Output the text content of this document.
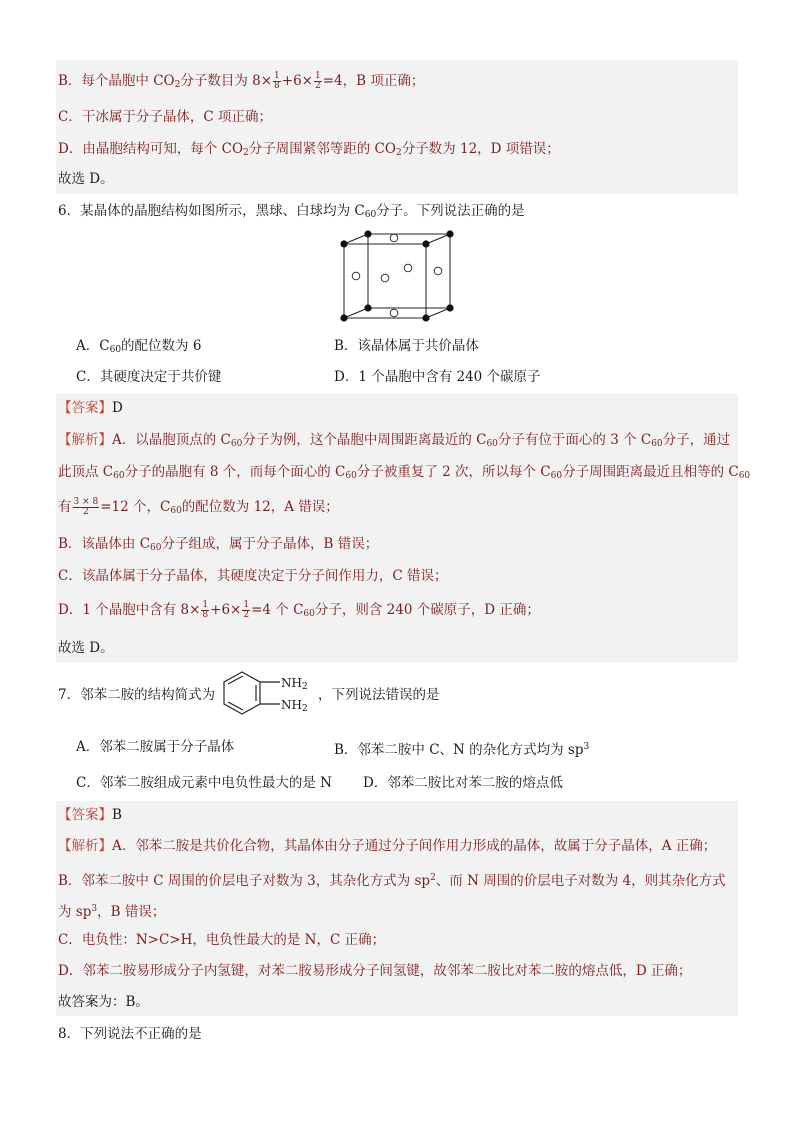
B．每个晶胞中 $CO_2$分子数目为 $8\times \frac{1}{8} +6\times \frac{1}{2} =4$，B 项正确；
C．干冰属于分子晶体，C 项正确；
D．由晶胞结构可知，每个 $CO_2$分子周围紧邻等距的 $CO_2$分子数为 12，D 项错误；
故选 D。
6．某晶体的晶胞结构如图所示，黑球、白球均为 $C_{60}$分子。下列说法正确的是
A．$C_{60}$的配位数为 6	B．该晶体属于共价晶体
C．其硬度决定于共价键	D．1 个晶胞中含有 240 个碳原子
【答案】D
【解析】A．以晶胞顶点的 $C_{60}$分子为例，这个晶胞中周围距离最近的 $C_{60}$分子有位于面心的 3 个 $C_{60}$分子，通过
此顶点 $C_{60}$分子的晶胞有 8 个，而每个面心的 $C_{60}$分子被重复了 2 次，所以每个 $C_{60}$分子周围距离最近且相等的 $C_{60}$
有 $\frac{3 \times 8}{2} =12$ 个，$C_{60}$的配位数为 12，A 错误；
B．该晶体由 $C_{60}$分子组成，属于分子晶体，B 错误；
C．该晶体属于分子晶体，其硬度决定于分子间作用力，C 错误；
D．1 个晶胞中含有 $8\times \frac{1}{8} +6\times \frac{1}{2} =4$ 个 $C_{60}$分子，则含 240 个碳原子，D 正确；
故选 D。
7．邻苯二胺的结构简式为
$NH_2$
$NH_2$
，下列说法错误的是
A．邻苯二胺属于分子晶体	B．邻苯二胺中 C、N 的杂化方式均为 $sp^3$
C．邻苯二胺组成元素中电负性最大的是 N D．邻苯二胺比对苯二胺的熔点低
【答案】B
【解析】A．邻苯二胺是共价化合物，其晶体由分子通过分子间作用力形成的晶体，故属于分子晶体，A 正确；
B．邻苯二胺中 C 周围的价层电子对数为 3，其杂化方式为 $sp^2$、而 N 周围的价层电子对数为 4，则其杂化方式
为 $sp^3$，B 错误；
C．电负性：N>C>H，电负性最大的是 N，C 正确；
D．邻苯二胺易形成分子内氢键，对苯二胺易形成分子间氢键，故邻苯二胺比对苯二胺的熔点低，D 正确；
故答案为：B。
8．下列说法不正确的是
